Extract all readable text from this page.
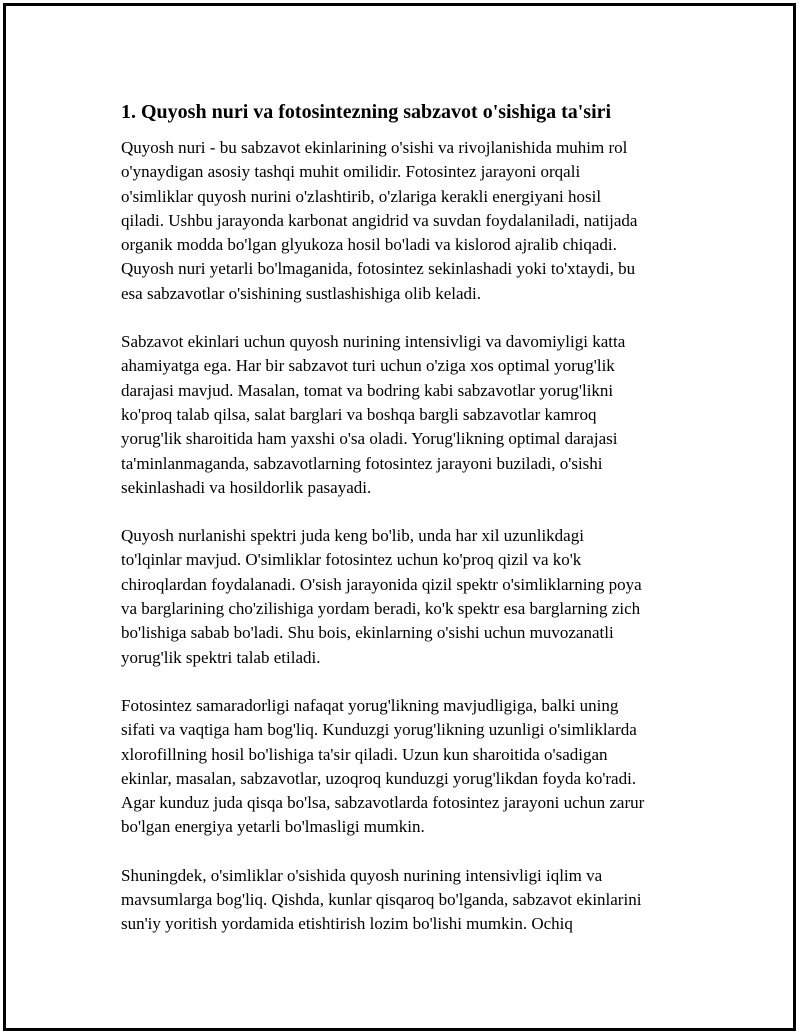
1. Quyosh nuri va fotosintezning sabzavot o'sishiga ta'siri

Quyosh nuri - bu sabzavot ekinlarining o'sishi va rivojlanishida muhim rol
o'ynaydigan asosiy tashqi muhit omilidir. Fotosintez jarayoni orqali
o'simliklar quyosh nurini o'zlashtirib, o'zlariga kerakli energiyani hosil
qiladi. Ushbu jarayonda karbonat angidrid va suvdan foydalaniladi, natijada
organik modda bo'lgan glyukoza hosil bo'ladi va kislorod ajralib chiqadi.
Quyosh nuri yetarli bo'lmaganida, fotosintez sekinlashadi yoki to'xtaydi, bu
esa sabzavotlar o'sishining sustlashishiga olib keladi.

Sabzavot ekinlari uchun quyosh nurining intensivligi va davomiyligi katta
ahamiyatga ega. Har bir sabzavot turi uchun o'ziga xos optimal yorug'lik
darajasi mavjud. Masalan, tomat va bodring kabi sabzavotlar yorug'likni
ko'proq talab qilsa, salat barglari va boshqa bargli sabzavotlar kamroq
yorug'lik sharoitida ham yaxshi o'sa oladi. Yorug'likning optimal darajasi
ta'minlanmaganda, sabzavotlarning fotosintez jarayoni buziladi, o'sishi
sekinlashadi va hosildorlik pasayadi.

Quyosh nurlanishi spektri juda keng bo'lib, unda har xil uzunlikdagi
to'lqinlar mavjud. O'simliklar fotosintez uchun ko'proq qizil va ko'k
chiroqlardan foydalanadi. O'sish jarayonida qizil spektr o'simliklarning poya
va barglarining cho'zilishiga yordam beradi, ko'k spektr esa barglarning zich
bo'lishiga sabab bo'ladi. Shu bois, ekinlarning o'sishi uchun muvozanatli
yorug'lik spektri talab etiladi.

Fotosintez samaradorligi nafaqat yorug'likning mavjudligiga, balki uning
sifati va vaqtiga ham bog'liq. Kunduzgi yorug'likning uzunligi o'simliklarda
xlorofillning hosil bo'lishiga ta'sir qiladi. Uzun kun sharoitida o'sadigan
ekinlar, masalan, sabzavotlar, uzoqroq kunduzgi yorug'likdan foyda ko'radi.
Agar kunduz juda qisqa bo'lsa, sabzavotlarda fotosintez jarayoni uchun zarur
bo'lgan energiya yetarli bo'lmasligi mumkin.

Shuningdek, o'simliklar o'sishida quyosh nurining intensivligi iqlim va
mavsumlarga bog'liq. Qishda, kunlar qisqaroq bo'lganda, sabzavot ekinlarini
sun'iy yoritish yordamida etishtirish lozim bo'lishi mumkin. Ochiq
